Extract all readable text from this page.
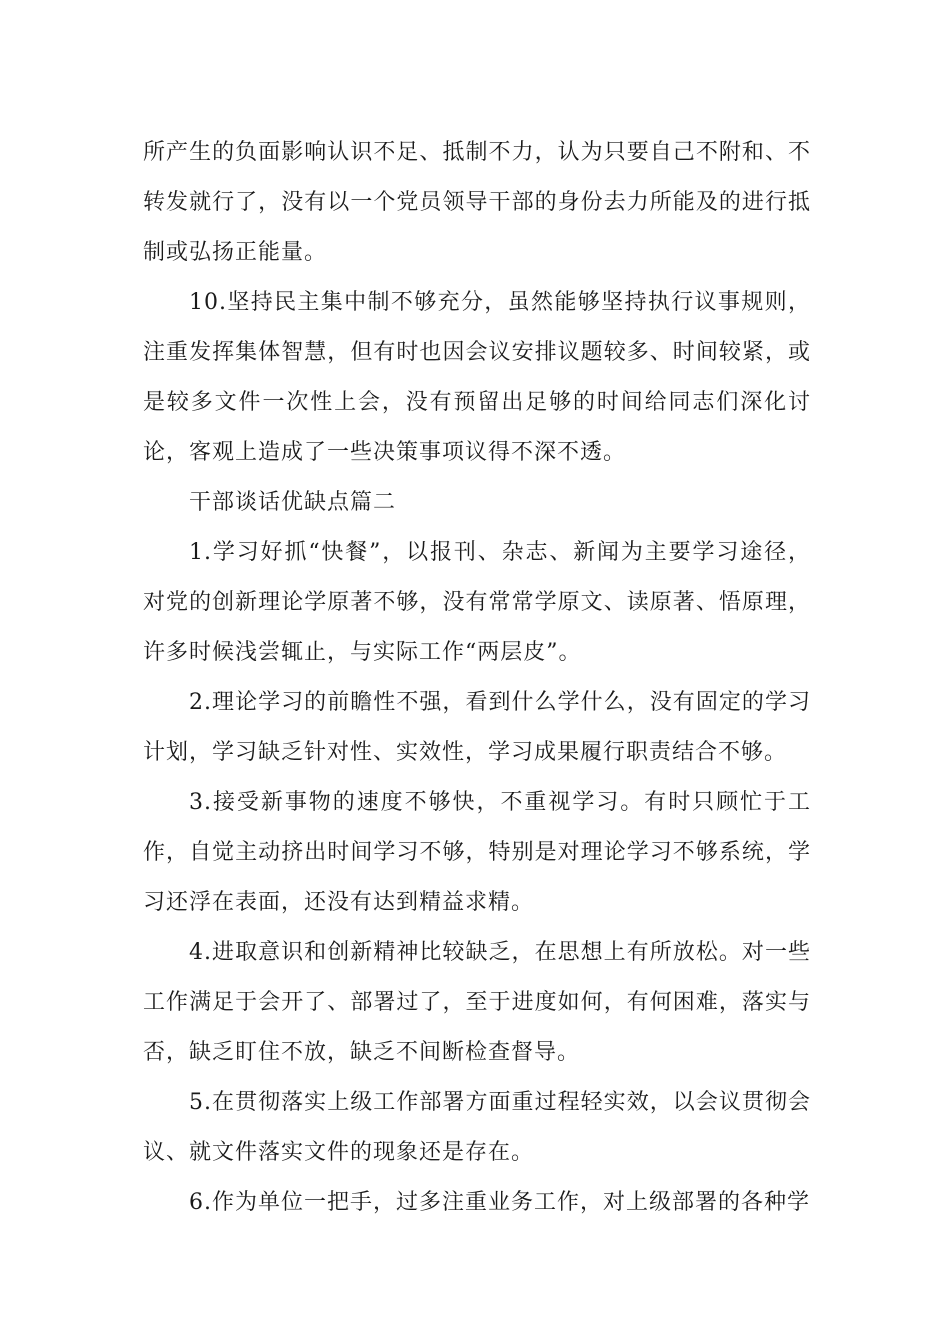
所产生的负面影响认识不足、抵制不力，认为只要自己不附和、不转发就行了，没有以一个党员领导干部的身份去力所能及的进行抵制或弘扬正能量。

10.坚持民主集中制不够充分，虽然能够坚持执行议事规则，注重发挥集体智慧，但有时也因会议安排议题较多、时间较紧，或是较多文件一次性上会，没有预留出足够的时间给同志们深化讨论，客观上造成了一些决策事项议得不深不透。

干部谈话优缺点篇二

1.学习好抓“快餐”，以报刊、杂志、新闻为主要学习途径，对党的创新理论学原著不够，没有常常学原文、读原著、悟原理，许多时候浅尝辄止，与实际工作“两层皮”。

2.理论学习的前瞻性不强，看到什么学什么，没有固定的学习计划，学习缺乏针对性、实效性，学习成果履行职责结合不够。

3.接受新事物的速度不够快，不重视学习。有时只顾忙于工作，自觉主动挤出时间学习不够，特别是对理论学习不够系统，学习还浮在表面，还没有达到精益求精。

4.进取意识和创新精神比较缺乏，在思想上有所放松。对一些工作满足于会开了、部署过了，至于进度如何，有何困难，落实与否，缺乏盯住不放，缺乏不间断检查督导。

5.在贯彻落实上级工作部署方面重过程轻实效，以会议贯彻会议、就文件落实文件的现象还是存在。

6.作为单位一把手，过多注重业务工作，对上级部署的各种学
